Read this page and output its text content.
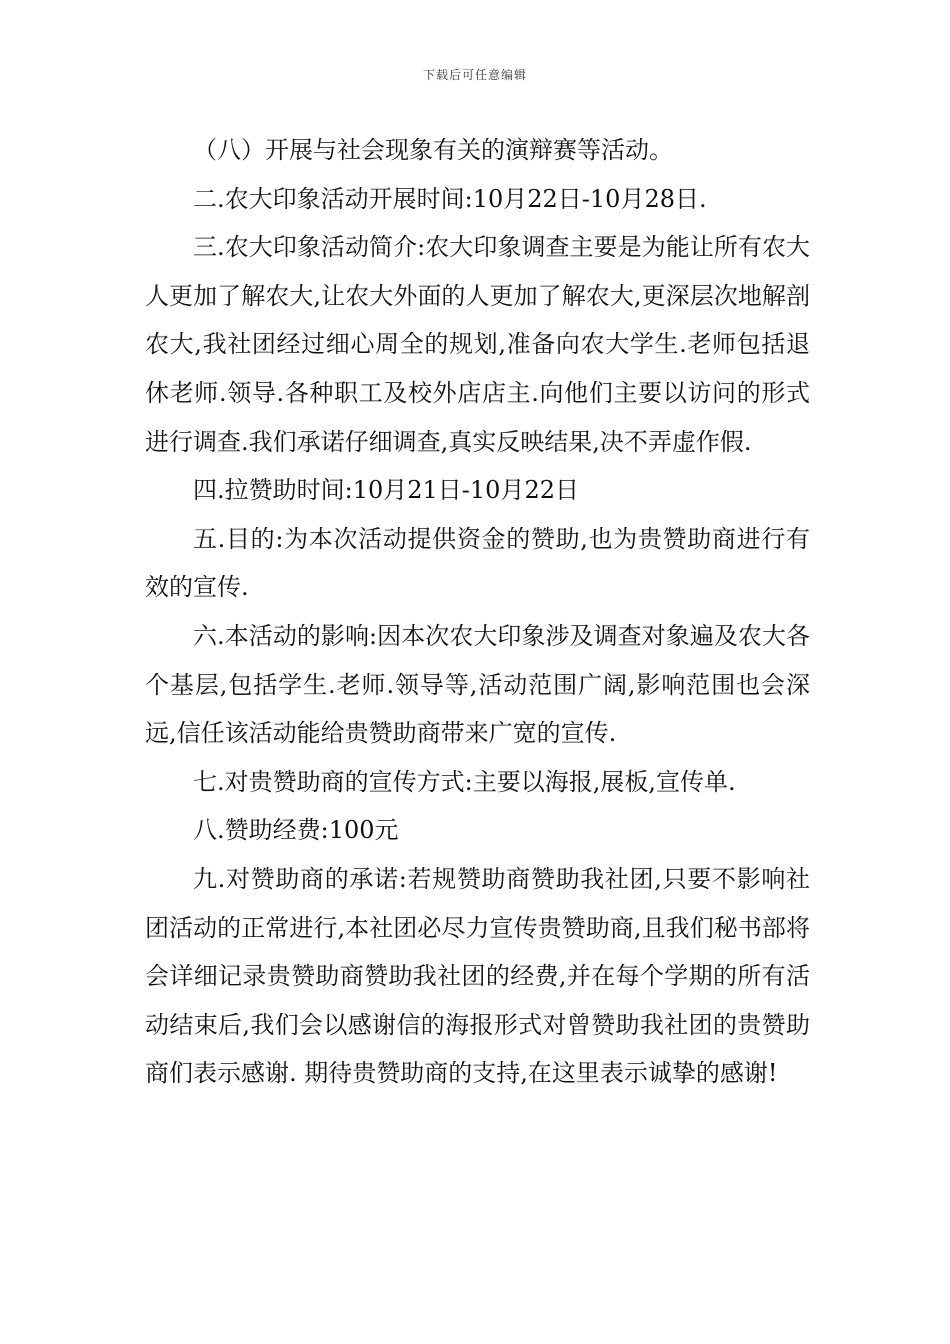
下载后可任意编辑

（八）开展与社会现象有关的演辩赛等活动。

二.农大印象活动开展时间:10月22日-10月28日.

三.农大印象活动简介:农大印象调查主要是为能让所有农大人更加了解农大,让农大外面的人更加了解农大,更深层次地解剖农大,我社团经过细心周全的规划,准备向农大学生.老师包括退休老师.领导.各种职工及校外店店主.向他们主要以访问的形式进行调查.我们承诺仔细调查,真实反映结果,决不弄虚作假.

四.拉赞助时间:10月21日-10月22日

五.目的:为本次活动提供资金的赞助,也为贵赞助商进行有效的宣传.

六.本活动的影响:因本次农大印象涉及调查对象遍及农大各个基层,包括学生.老师.领导等,活动范围广阔,影响范围也会深远,信任该活动能给贵赞助商带来广宽的宣传.

七.对贵赞助商的宣传方式:主要以海报,展板,宣传单.

八.赞助经费:100元

九.对赞助商的承诺:若规赞助商赞助我社团,只要不影响社团活动的正常进行,本社团必尽力宣传贵赞助商,且我们秘书部将会详细记录贵赞助商赞助我社团的经费,并在每个学期的所有活动结束后,我们会以感谢信的海报形式对曾赞助我社团的贵赞助商们表示感谢. 期待贵赞助商的支持,在这里表示诚挚的感谢!
